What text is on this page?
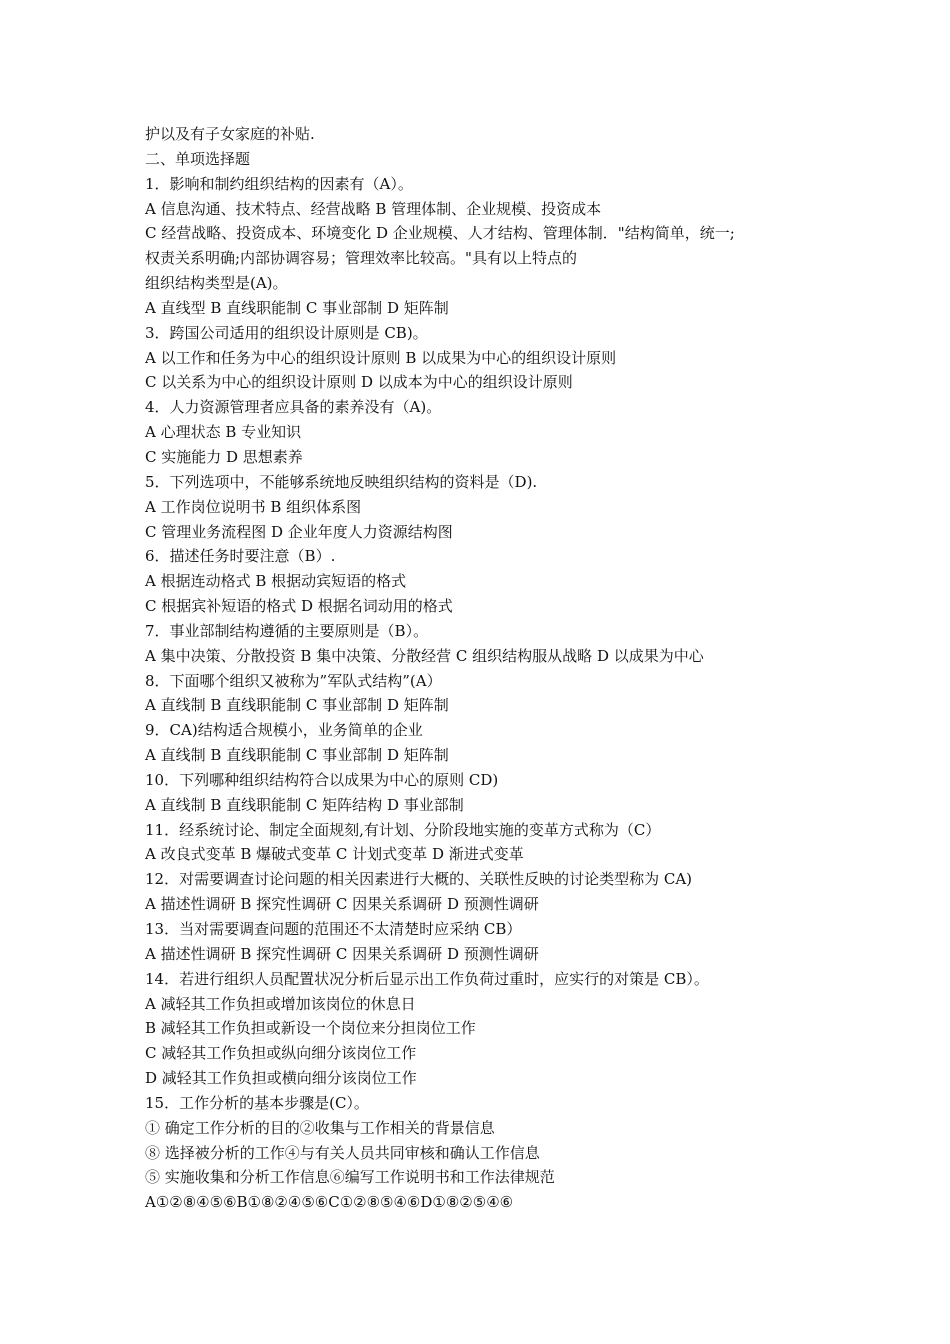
护以及有子女家庭的补贴.
二、单项选择题
1．影响和制约组织结构的因素有（A）。
A 信息沟通、技术特点、经营战略 B 管理体制、企业规模、投资成本
C 经营战略、投资成本、环境变化 D 企业规模、人才结构、管理体制．"结构简单，统一;
权责关系明确;内部协调容易；管理效率比较高。"具有以上特点的
组织结构类型是(A)。
A 直线型 B 直线职能制 C 事业部制 D 矩阵制
3．跨国公司适用的组织设计原则是 CB)。
A 以工作和任务为中心的组织设计原则 B 以成果为中心的组织设计原则
C 以关系为中心的组织设计原则 D 以成本为中心的组织设计原则
4．人力资源管理者应具备的素养没有（A)。
A 心理状态 B 专业知识
C 实施能力 D 思想素养
5．下列选项中，不能够系统地反映组织结构的资料是（D).
A 工作岗位说明书 B 组织体系图
C 管理业务流程图 D 企业年度人力资源结构图
6．描述任务时要注意（B）.
A 根据连动格式 B 根据动宾短语的格式
C 根据宾补短语的格式 D 根据名词动用的格式
7．事业部制结构遵循的主要原则是（B）。
A 集中决策、分散投资 B 集中决策、分散经营 C 组织结构服从战略 D 以成果为中心
8．下面哪个组织又被称为”军队式结构”(A）
A 直线制 B 直线职能制 C 事业部制 D 矩阵制
9．CA)结构适合规模小，业务简单的企业
A 直线制 B 直线职能制 C 事业部制 D 矩阵制
10．下列哪种组织结构符合以成果为中心的原则 CD)
A 直线制 B 直线职能制 C 矩阵结构 D 事业部制
11．经系统讨论、制定全面规刻,有计划、分阶段地实施的变革方式称为（C）
A 改良式变革 B 爆破式变革 C 计划式变革 D 渐进式变革
12．对需要调查讨论问题的相关因素进行大概的、关联性反映的讨论类型称为 CA)
A 描述性调研 B 探究性调研 C 因果关系调研 D 预测性调研
13．当对需要调查问题的范围还不太清楚时应采纳 CB）
A 描述性调研 B 探究性调研 C 因果关系调研 D 预测性调研
14．若进行组织人员配置状况分析后显示出工作负荷过重时，应实行的对策是 CB）。
A 减轻其工作负担或增加该岗位的休息日
B 减轻其工作负担或新设一个岗位来分担岗位工作
C 减轻其工作负担或纵向细分该岗位工作
D 减轻其工作负担或横向细分该岗位工作
15．工作分析的基本步骤是(C）。
① 确定工作分析的目的②收集与工作相关的背景信息
⑧ 选择被分析的工作④与有关人员共同审核和确认工作信息
⑤ 实施收集和分析工作信息⑥编写工作说明书和工作法律规范
A①②⑧④⑤⑥B①⑧②④⑤⑥C①②⑧⑤④⑥D①⑧②⑤④⑥
